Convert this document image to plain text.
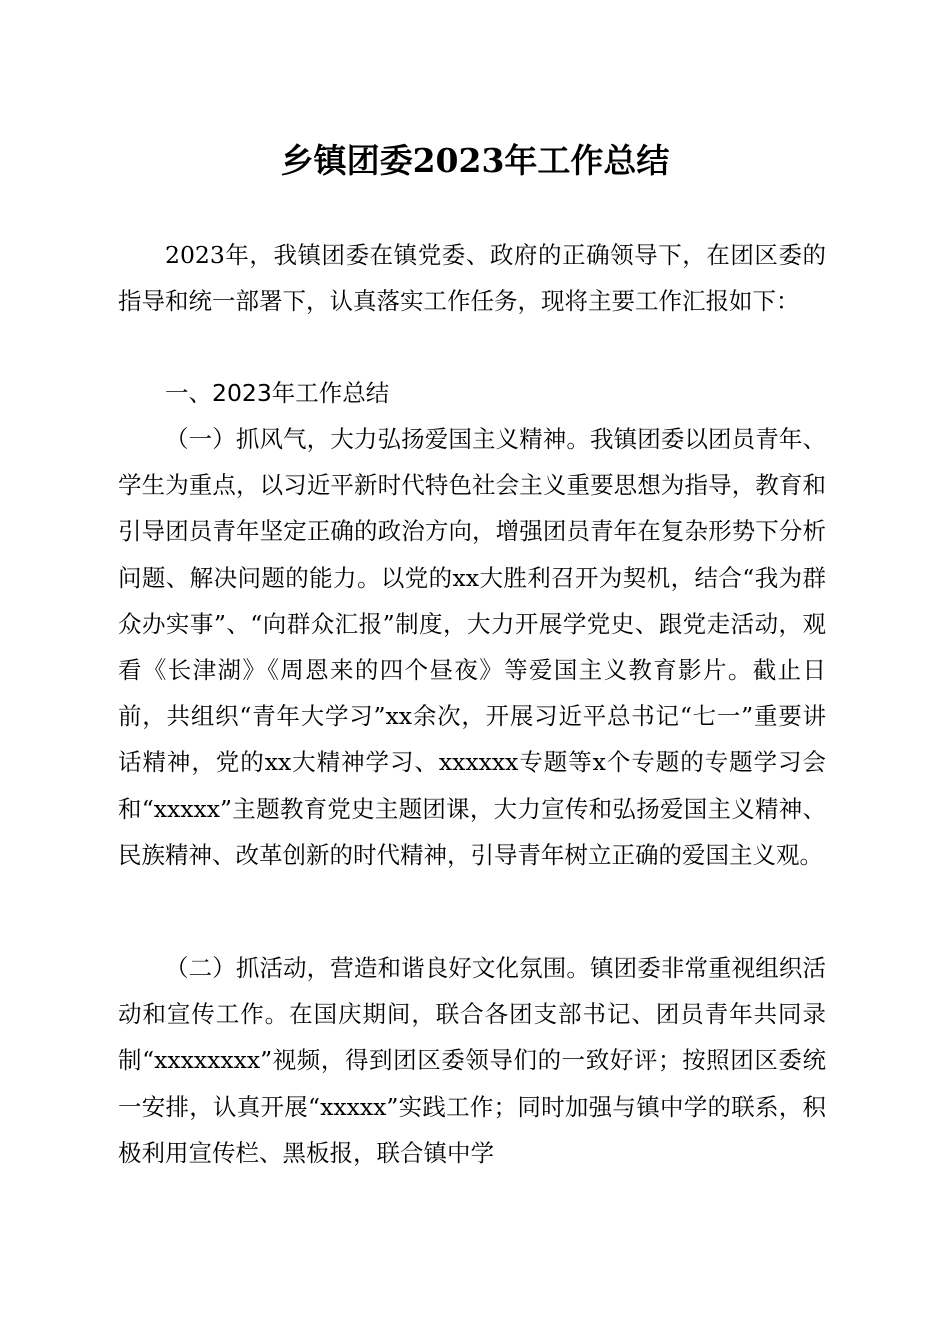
乡镇团委2023年工作总结

2023年，我镇团委在镇党委、政府的正确领导下，在团区委的指导和统一部署下，认真落实工作任务，现将主要工作汇报如下：

一、2023年工作总结

（一）抓风气，大力弘扬爱国主义精神。我镇团委以团员青年、学生为重点，以习近平新时代特色社会主义重要思想为指导，教育和引导团员青年坚定正确的政治方向，增强团员青年在复杂形势下分析问题、解决问题的能力。以党的xx大胜利召开为契机，结合“我为群众办实事”、“向群众汇报”制度，大力开展学党史、跟党走活动，观看《长津湖》《周恩来的四个昼夜》等爱国主义教育影片。截止日前，共组织“青年大学习”xx余次，开展习近平总书记“七一”重要讲话精神，党的xx大精神学习、xxxxxx专题等x个专题的专题学习会和“xxxxx”主题教育党史主题团课，大力宣传和弘扬爱国主义精神、民族精神、改革创新的时代精神，引导青年树立正确的爱国主义观。

（二）抓活动，营造和谐良好文化氛围。镇团委非常重视组织活动和宣传工作。在国庆期间，联合各团支部书记、团员青年共同录制“xxxxxxxx”视频，得到团区委领导们的一致好评；按照团区委统一安排，认真开展“xxxxx”实践工作；同时加强与镇中学的联系，积极利用宣传栏、黑板报，联合镇中学
